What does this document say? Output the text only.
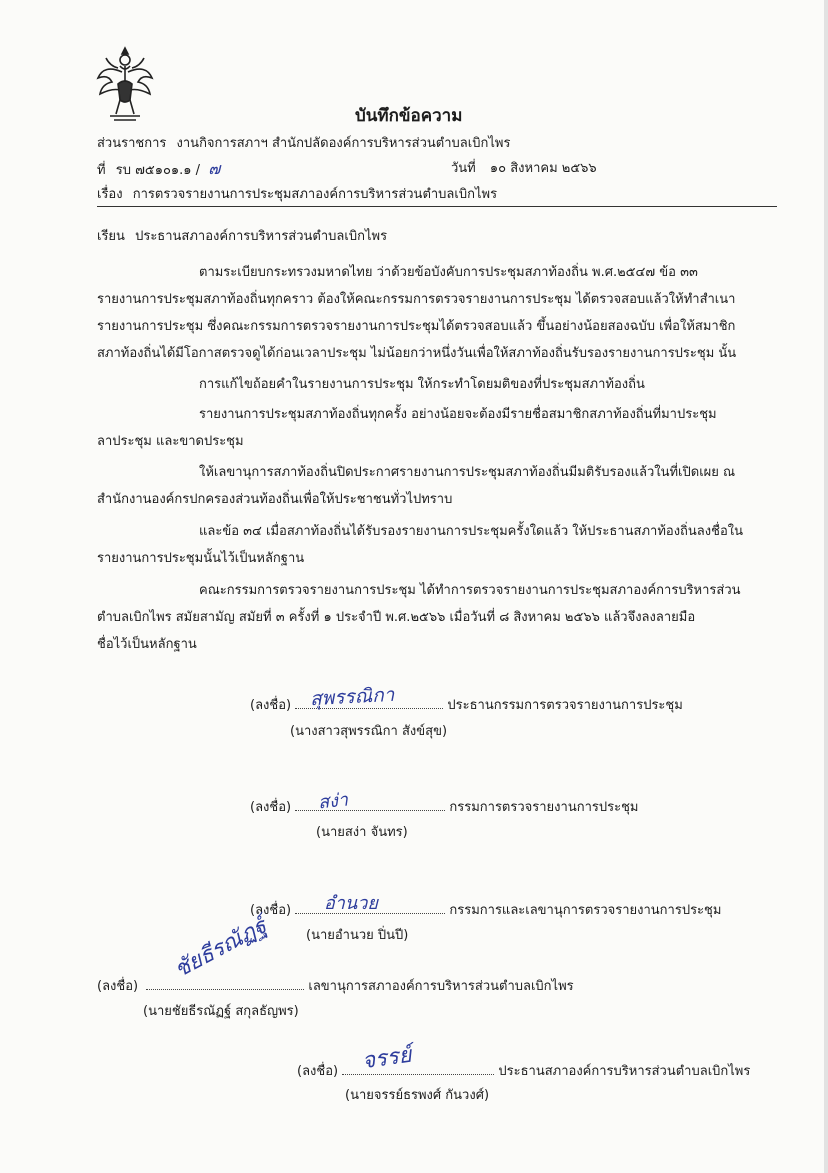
บันทึกข้อความ
ส่วนราชการ งานกิจการสภาฯ สำนักปลัดองค์การบริหารส่วนตำบลเบิกไพร
ที่ รบ ๗๕๑๐๑.๑ / ๗	วันที่ ๑๐ สิงหาคม ๒๕๖๖
เรื่อง การตรวจรายงานการประชุมสภาองค์การบริหารส่วนตำบลเบิกไพร
เรียน ประธานสภาองค์การบริหารส่วนตำบลเบิกไพร
ตามระเบียบกระทรวงมหาดไทย ว่าด้วยข้อบังคับการประชุมสภาท้องถิ่น พ.ศ.๒๕๔๗ ข้อ ๓๓
รายงานการประชุมสภาท้องถิ่นทุกคราว ต้องให้คณะกรรมการตรวจรายงานการประชุม ได้ตรวจสอบแล้วให้ทำสำเนา
รายงานการประชุม ซึ่งคณะกรรมการตรวจรายงานการประชุมได้ตรวจสอบแล้ว ขึ้นอย่างน้อยสองฉบับ เพื่อให้สมาชิก
สภาท้องถิ่นได้มีโอกาสตรวจดูได้ก่อนเวลาประชุม ไม่น้อยกว่าหนึ่งวันเพื่อให้สภาท้องถิ่นรับรองรายงานการประชุม นั้น
การแก้ไขถ้อยคำในรายงานการประชุม ให้กระทำโดยมติของที่ประชุมสภาท้องถิ่น
รายงานการประชุมสภาท้องถิ่นทุกครั้ง อย่างน้อยจะต้องมีรายชื่อสมาชิกสภาท้องถิ่นที่มาประชุม
ลาประชุม และขาดประชุม
ให้เลขานุการสภาท้องถิ่นปิดประกาศรายงานการประชุมสภาท้องถิ่นมีมติรับรองแล้วในที่เปิดเผย ณ
สำนักงานองค์กรปกครองส่วนท้องถิ่นเพื่อให้ประชาชนทั่วไปทราบ
และข้อ ๓๔ เมื่อสภาท้องถิ่นได้รับรองรายงานการประชุมครั้งใดแล้ว ให้ประธานสภาท้องถิ่นลงชื่อใน
รายงานการประชุมนั้นไว้เป็นหลักฐาน
คณะกรรมการตรวจรายงานการประชุม ได้ทำการตรวจรายงานการประชุมสภาองค์การบริหารส่วน
ตำบลเบิกไพร สมัยสามัญ สมัยที่ ๓ ครั้งที่ ๑ ประจำปี พ.ศ.๒๕๖๖ เมื่อวันที่ ๘ สิงหาคม ๒๕๖๖ แล้วจึงลงลายมือ
ชื่อไว้เป็นหลักฐาน
(ลงชื่อ)	ประธานกรรมการตรวจรายงานการประชุม
สุพรรณิกา
(นางสาวสุพรรณิกา สังข์สุข)
(ลงชื่อ)	กรรมการตรวจรายงานการประชุม
สง่า
(นายสง่า จันทร)
(ลงชื่อ)	กรรมการและเลขานุการตรวจรายงานการประชุม
อำนวย
(นายอำนวย ปิ่นปี)
(ลงชื่อ)	เลขานุการสภาองค์การบริหารส่วนตำบลเบิกไพร
ชัยธีรณัฏฐ์
(นายชัยธีรณัฏฐ์ สกุลธัญพร)
(ลงชื่อ)	ประธานสภาองค์การบริหารส่วนตำบลเบิกไพร
จรรย์
(นายจรรย์ธรพงศ์ กันวงศ์)
